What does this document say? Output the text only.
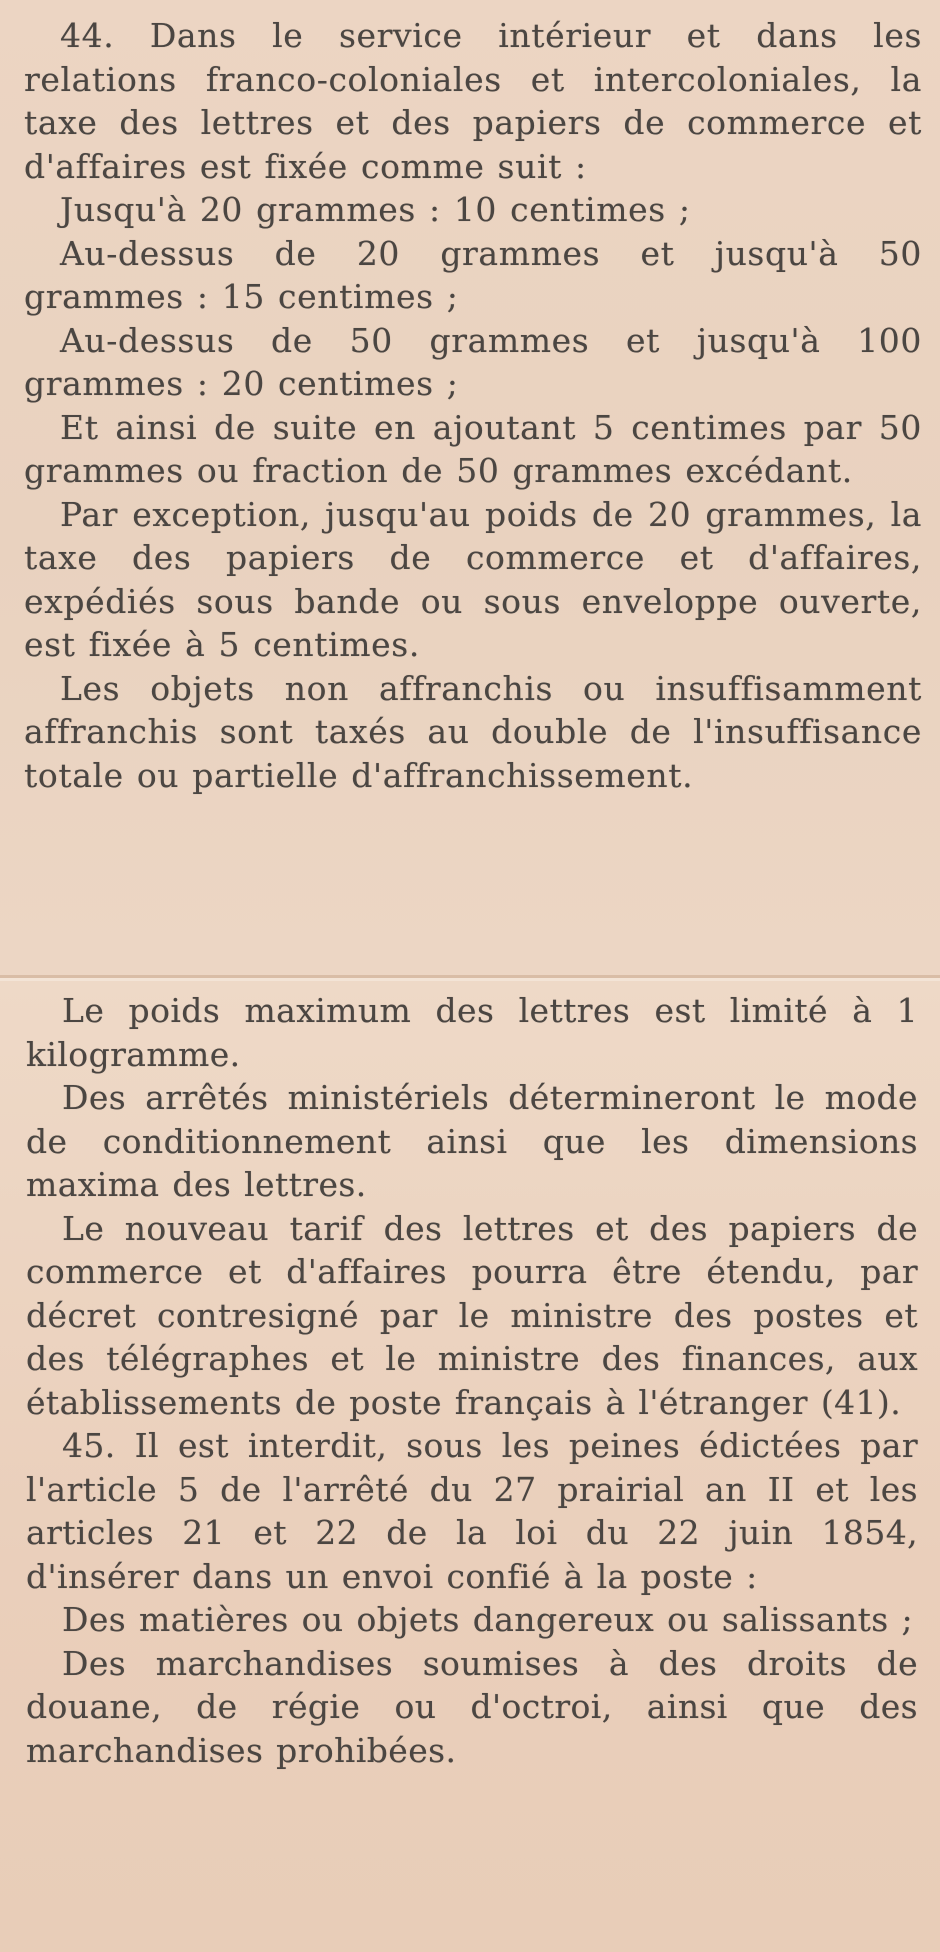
44. Dans le service intérieur et dans les relations franco-coloniales et intercoloniales, la taxe des lettres et des papiers de commerce et d'affaires est fixée comme suit :

Jusqu'à 20 grammes : 10 centimes ;

Au-dessus de 20 grammes et jusqu'à 50 grammes : 15 centimes ;

Au-dessus de 50 grammes et jusqu'à 100 grammes : 20 centimes ;

Et ainsi de suite en ajoutant 5 centimes par 50 grammes ou fraction de 50 grammes excédant.

Par exception, jusqu'au poids de 20 grammes, la taxe des papiers de commerce et d'affaires, expédiés sous bande ou sous enveloppe ouverte, est fixée à 5 centimes.

Les objets non affranchis ou insuffisamment affranchis sont taxés au double de l'insuffisance totale ou partielle d'affranchissement.

Le poids maximum des lettres est limité à 1 kilogramme.

Des arrêtés ministériels détermineront le mode de conditionnement ainsi que les dimensions maxima des lettres.

Le nouveau tarif des lettres et des papiers de commerce et d'affaires pourra être étendu, par décret contresigné par le ministre des postes et des télégraphes et le ministre des finances, aux établissements de poste français à l'étranger (41).

45. Il est interdit, sous les peines édictées par l'article 5 de l'arrêté du 27 prairial an II et les articles 21 et 22 de la loi du 22 juin 1854, d'insérer dans un envoi confié à la poste :

Des matières ou objets dangereux ou salissants ;

Des marchandises soumises à des droits de douane, de régie ou d'octroi, ainsi que des marchandises prohibées.
